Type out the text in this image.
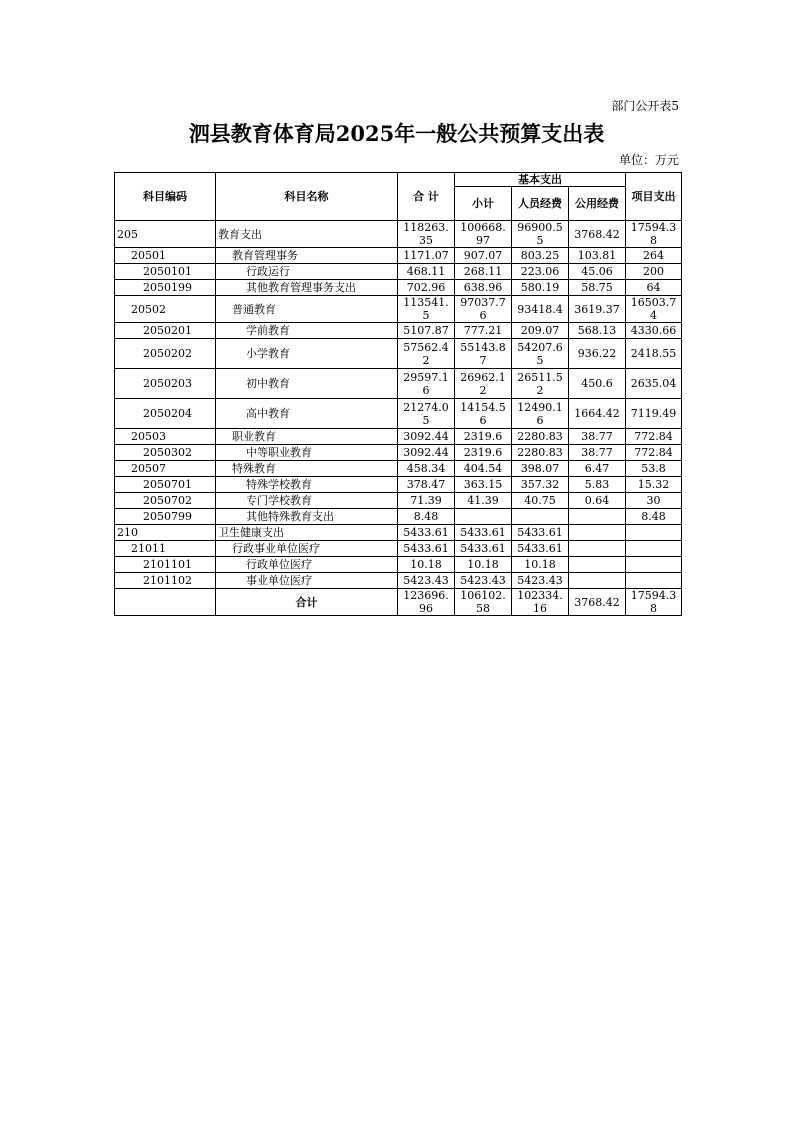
部门公开表5
泗县教育体育局2025年一般公共预算支出表
单位：万元
科目编码	科目名称	合 计	基本支出			项目支出
			小计	人员经费	公用经费	
205	教育支出	118263.35	100668.97	96900.55	3768.42	17594.38
20501	教育管理事务	1171.07	907.07	803.25	103.81	264
2050101	行政运行	468.11	268.11	223.06	45.06	200
2050199	其他教育管理事务支出	702.96	638.96	580.19	58.75	64
20502	普通教育	113541.5	97037.76	93418.4	3619.37	16503.74
2050201	学前教育	5107.87	777.21	209.07	568.13	4330.66
2050202	小学教育	57562.42	55143.87	54207.65	936.22	2418.55
2050203	初中教育	29597.16	26962.12	26511.52	450.6	2635.04
2050204	高中教育	21274.05	14154.56	12490.16	1664.42	7119.49
20503	职业教育	3092.44	2319.6	2280.83	38.77	772.84
2050302	中等职业教育	3092.44	2319.6	2280.83	38.77	772.84
20507	特殊教育	458.34	404.54	398.07	6.47	53.8
2050701	特殊学校教育	378.47	363.15	357.32	5.83	15.32
2050702	专门学校教育	71.39	41.39	40.75	0.64	30
2050799	其他特殊教育支出	8.48				8.48
210	卫生健康支出	5433.61	5433.61	5433.61		
21011	行政事业单位医疗	5433.61	5433.61	5433.61		
2101101	行政单位医疗	10.18	10.18	10.18		
2101102	事业单位医疗	5423.43	5423.43	5423.43		
	合计	123696.96	106102.58	102334.16	3768.42	17594.38
